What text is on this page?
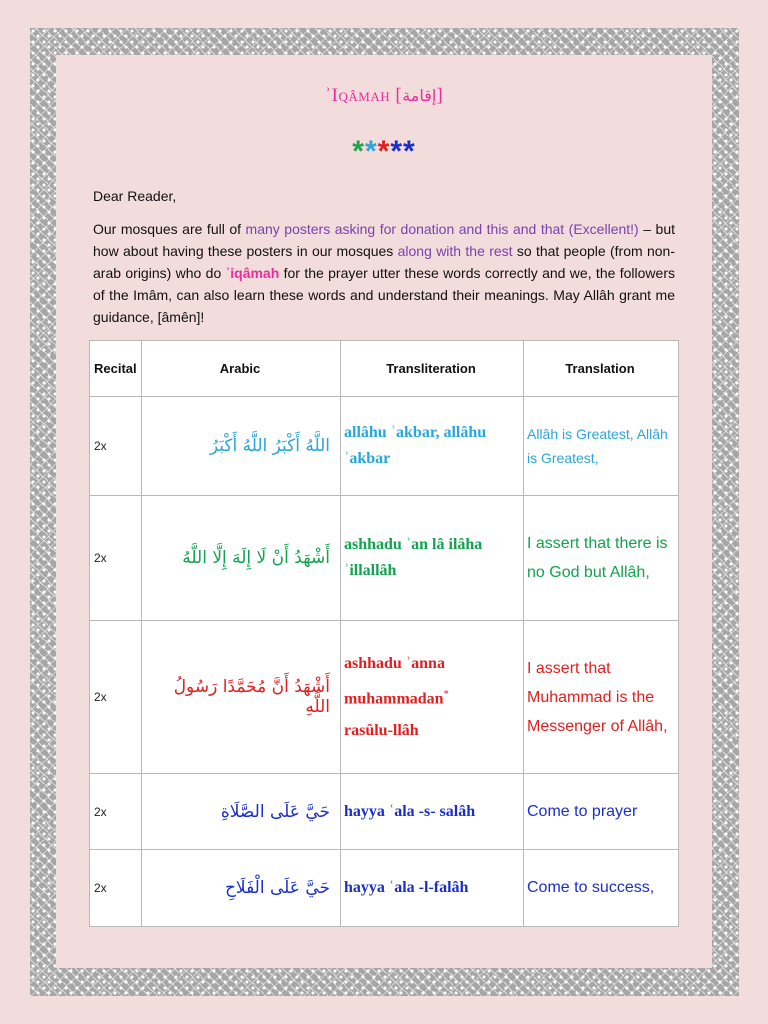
ʾIqâmah [إقامة]
*****

Dear Reader,

Our mosques are full of many posters asking for donation and this and that (Excellent!) – but how about having these posters in our mosques along with the rest so that people (from non-arab origins) who do ʾiqâmah for the prayer utter these words correctly and we, the followers of the Imâm, can also learn these words and understand their meanings. May Allâh grant me guidance, [âmên]!

Recital	Arabic	Transliteration	Translation
2x	اللَّهُ أَكْبَرُ اللَّهُ أَكْبَرُ	allâhu ʾakbar, allâhu ʾakbar	Allâh is Greatest, Allâh is Greatest,
2x	أَشْهَدُ أَنْ لَا إِلَهَ إِلَّا اللَّهُ	ashhadu ʾan lâ ilâha ʾillallâh	I assert that there is no God but Allâh,
2x	أَشْهَدُ أَنَّ مُحَمَّدًا رَسُولُ اللَّهِ	ashhadu ʾanna
muhammadan*
rasûlu-llâh	I assert that Muhammad is the Messenger of Allâh,
2x	حَيَّ عَلَى الصَّلَاةِ	hayya ʿala -s- salâh	Come to prayer
2x	حَيَّ عَلَى الْفَلَاحِ	hayya ʿala -l-falâh	Come to success,
